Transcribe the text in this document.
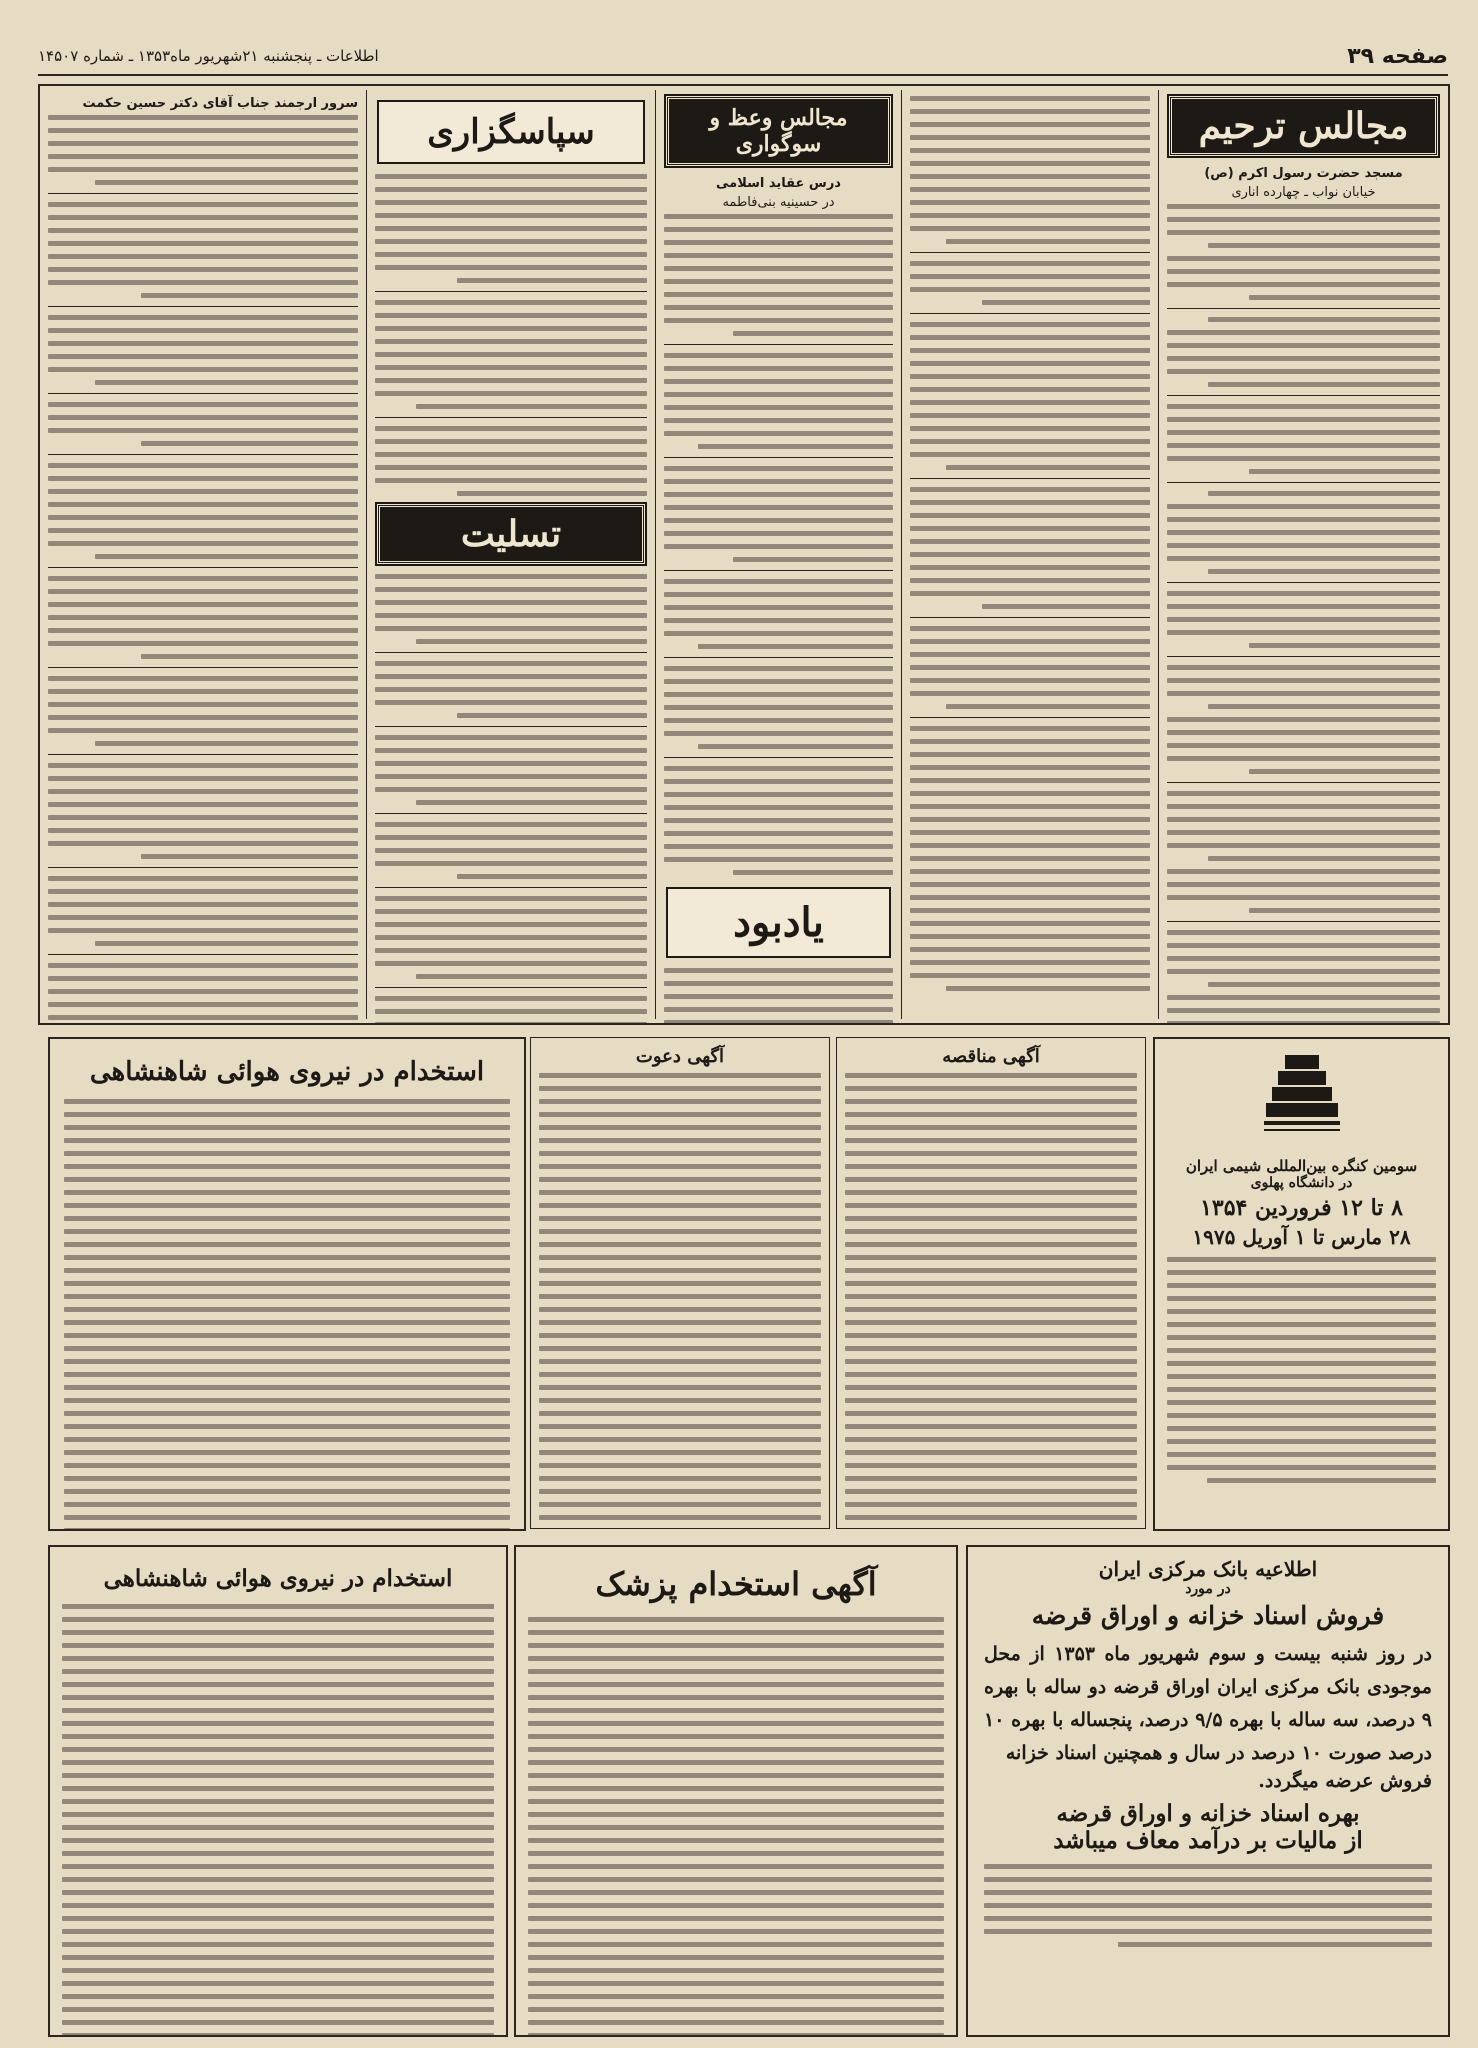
صفحه ۳۹
اطلاعات ـ پنجشنبه ۲۱شهریور ماه۱۳۵۳ ـ شماره ۱۴۵۰۷
مجالس ترحیم
مسجد حضرت رسول اکرم (ص)
خیابان نواب ـ چهارده اناری
مجالس وعظ و سوگواری
درس عقاید اسلامی
در حسینیه بنی‌فاطمه
یادبود
سپاسگزاری
تسلیت
سرور ارجمند جناب آقای دکتر حسین حکمت
سومین کنگره بین‌المللی شیمی ایران
در دانشگاه پهلوی
۸ تا ۱۲ فروردین ۱۳۵۴
۲۸ مارس تا ۱ آوریل ۱۹۷۵
آگهی مناقصه
آگهی دعوت
استخدام در نیروی هوائی شاهنشاهی
اطلاعیه بانک مرکزی ایران
در مورد
فروش اسناد خزانه و اوراق قرضه
در روز شنبه بیست و سوم شهریور ماه ۱۳۵۳ از محل موجودی بانک مرکزی ایران اوراق قرضه دو ساله با بهره ۹ درصد، سه ساله با بهره ۹/۵ درصد، پنجساله با بهره ۱۰ درصد صورت ۱۰ درصد در سال و همچنین اسناد خزانه
فروش عرضه میگردد.
بهره اسناد خزانه و اوراق قرضه
از مالیات بر درآمد معاف میباشد
آگهی استخدام پزشک
استخدام در نیروی هوائی شاهنشاهی
